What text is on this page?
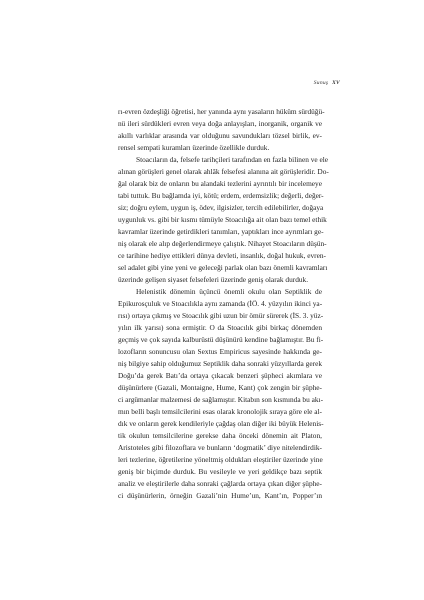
Sunuş XV
rı-evren özdeşliği öğretisi, her yanında aynı yasaların hüküm sürdüğü-
nü ileri sürdükleri evren veya doğa anlayışları, inorganik, organik ve
akıllı varlıklar arasında var olduğunu savundukları tözsel birlik, ev-
rensel sempati kuramları üzerinde özellikle durduk.
Stoacıların da, felsefe tarihçileri tarafından en fazla bilinen ve ele
alınan görüşleri genel olarak ahlâk felsefesi alanına ait görüşleridir. Do-
ğal olarak biz de onların bu alandaki tezlerini ayrıntılı bir incelemeye
tabi tuttuk. Bu bağlamda iyi, kötü; erdem, erdemsizlik; değerli, değer-
siz; doğru eylem, uygun iş, ödev, ilgisizler, tercih edilebilirler, doğaya
uygunluk vs. gibi bir kısmı tümüyle Stoacılığa ait olan bazı temel ethik
kavramlar üzerinde getirdikleri tanımları, yaptıkları ince ayrımları ge-
niş olarak ele alıp değerlendirmeye çalıştık. Nihayet Stoacıların düşün-
ce tarihine hediye ettikleri dünya devleti, insanlık, doğal hukuk, evren-
sel adalet gibi yine yeni ve geleceği parlak olan bazı önemli kavramları
üzerinde gelişen siyaset felsefeleri üzerinde geniş olarak durduk.
Helenistik dönemin üçüncü önemli okulu olan Septiklik de
Epikurosçuluk ve Stoacılıkla aynı zamanda (İÖ. 4. yüzyılın ikinci ya-
rısı) ortaya çıkmış ve Stoacılık gibi uzun bir ömür sürerek (İS. 3. yüz-
yılın ilk yarısı) sona ermiştir. O da Stoacılık gibi birkaç dönemden
geçmiş ve çok sayıda kalburüstü düşünürü kendine bağlamıştır. Bu fi-
lozofların sonuncusu olan Sextus Empiricus sayesinde hakkında ge-
niş bilgiye sahip olduğumuz Septiklik daha sonraki yüzyıllarda gerek
Doğu’da gerek Batı’da ortaya çıkacak benzeri şüpheci akımlara ve
düşünürlere (Gazali, Montaigne, Hume, Kant) çok zengin bir şüphe-
ci argümanlar malzemesi de sağlamıştır. Kitabın son kısmında bu akı-
mın belli başlı temsilcilerini esas olarak kronolojik sıraya göre ele al-
dık ve onların gerek kendileriyle çağdaş olan diğer iki büyük Helenis-
tik okulun temsilcilerine gerekse daha önceki dönemin ait Platon,
Aristoteles gibi filozoflara ve bunların ‘dogmatik’ diye nitelendirdik-
leri tezlerine, öğretilerine yöneltmiş oldukları eleştiriler üzerinde yine
geniş bir biçimde durduk. Bu vesileyle ve yeri geldikçe bazı septik
analiz ve eleştirilerle daha sonraki çağlarda ortaya çıkan diğer şüphe-
ci düşünürlerin, örneğin Gazali’nin Hume’un, Kant’ın, Popper’ın
